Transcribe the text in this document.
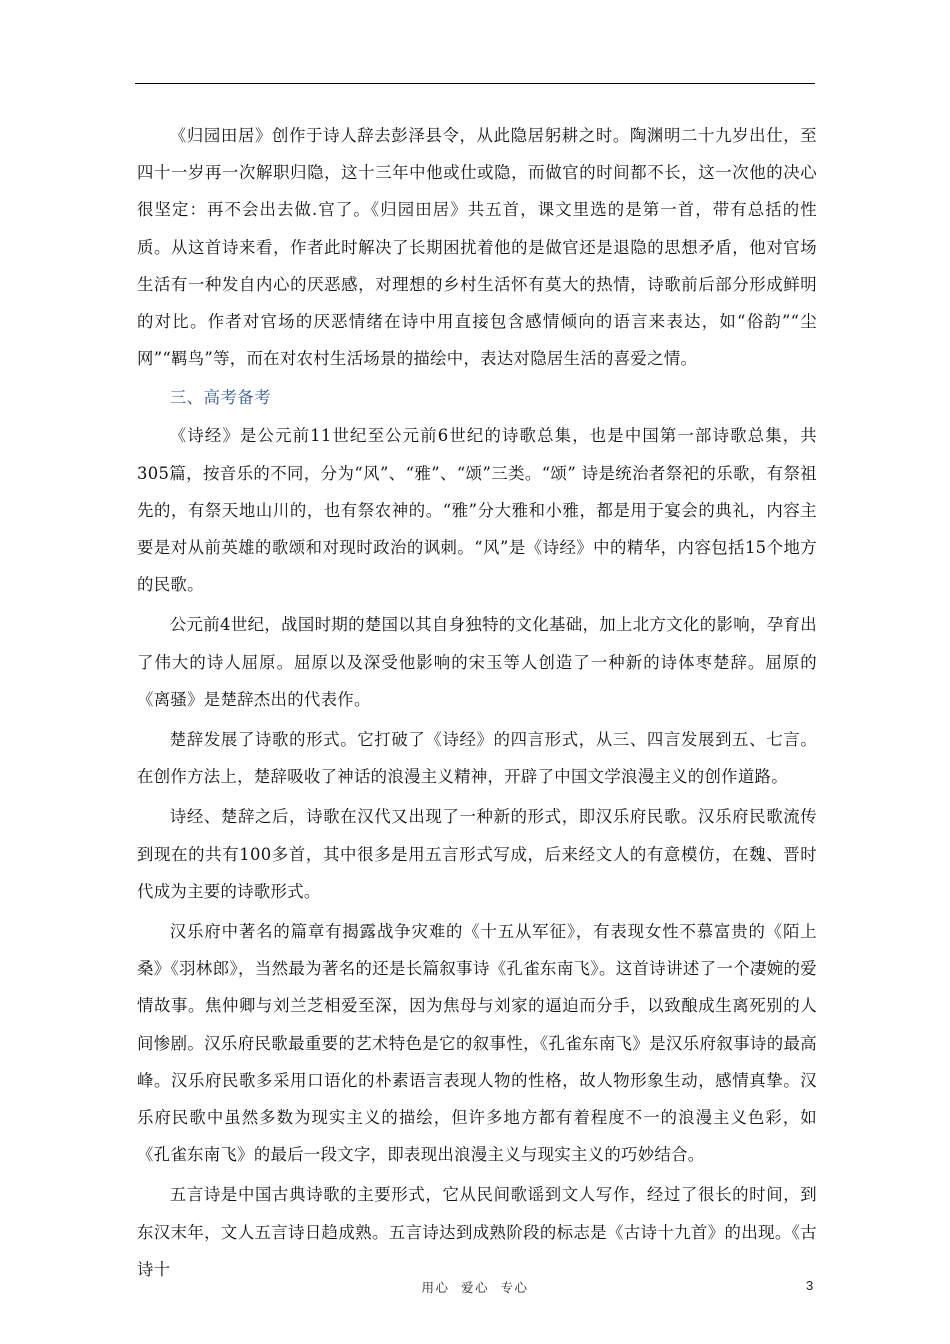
《归园田居》创作于诗人辞去彭泽县令，从此隐居躬耕之时。陶渊明二十九岁出仕，至四十一岁再一次解职归隐，这十三年中他或仕或隐，而做官的时间都不长，这一次他的决心很坚定：再不会出去做.官了。《归园田居》共五首，课文里选的是第一首，带有总括的性质。从这首诗来看，作者此时解决了长期困扰着他的是做官还是退隐的思想矛盾，他对官场生活有一种发自内心的厌恶感，对理想的乡村生活怀有莫大的热情，诗歌前后部分形成鲜明的对比。作者对官场的厌恶情绪在诗中用直接包含感情倾向的语言来表达，如“俗韵”“尘网”“羁鸟”等，而在对农村生活场景的描绘中，表达对隐居生活的喜爱之情。

三、高考备考

《诗经》是公元前11世纪至公元前6世纪的诗歌总集，也是中国第一部诗歌总集，共305篇，按音乐的不同，分为“风”、“雅”、“颂”三类。“颂” 诗是统治者祭祀的乐歌，有祭祖先的，有祭天地山川的，也有祭农神的。“雅”分大雅和小雅，都是用于宴会的典礼，内容主要是对从前英雄的歌颂和对现时政治的讽刺。“风”是《诗经》中的精华，内容包括15个地方的民歌。

公元前4世纪，战国时期的楚国以其自身独特的文化基础，加上北方文化的影响，孕育出了伟大的诗人屈原。屈原以及深受他影响的宋玉等人创造了一种新的诗体枣楚辞。屈原的《离骚》是楚辞杰出的代表作。

楚辞发展了诗歌的形式。它打破了《诗经》的四言形式，从三、四言发展到五、七言。在创作方法上，楚辞吸收了神话的浪漫主义精神，开辟了中国文学浪漫主义的创作道路。

诗经、楚辞之后，诗歌在汉代又出现了一种新的形式，即汉乐府民歌。汉乐府民歌流传到现在的共有100多首，其中很多是用五言形式写成，后来经文人的有意模仿，在魏、晋时代成为主要的诗歌形式。

汉乐府中著名的篇章有揭露战争灾难的《十五从军征》，有表现女性不慕富贵的《陌上桑》《羽林郎》，当然最为著名的还是长篇叙事诗《孔雀东南飞》。这首诗讲述了一个凄婉的爱情故事。焦仲卿与刘兰芝相爱至深，因为焦母与刘家的逼迫而分手，以致酿成生离死别的人间惨剧。汉乐府民歌最重要的艺术特色是它的叙事性，《孔雀东南飞》是汉乐府叙事诗的最高峰。汉乐府民歌多采用口语化的朴素语言表现人物的性格，故人物形象生动，感情真挚。汉乐府民歌中虽然多数为现实主义的描绘，但许多地方都有着程度不一的浪漫主义色彩，如《孔雀东南飞》的最后一段文字，即表现出浪漫主义与现实主义的巧妙结合。

五言诗是中国古典诗歌的主要形式，它从民间歌谣到文人写作，经过了很长的时间，到东汉末年，文人五言诗日趋成熟。五言诗达到成熟阶段的标志是《古诗十九首》的出现。《古诗十

用心 爱心 专心	3
